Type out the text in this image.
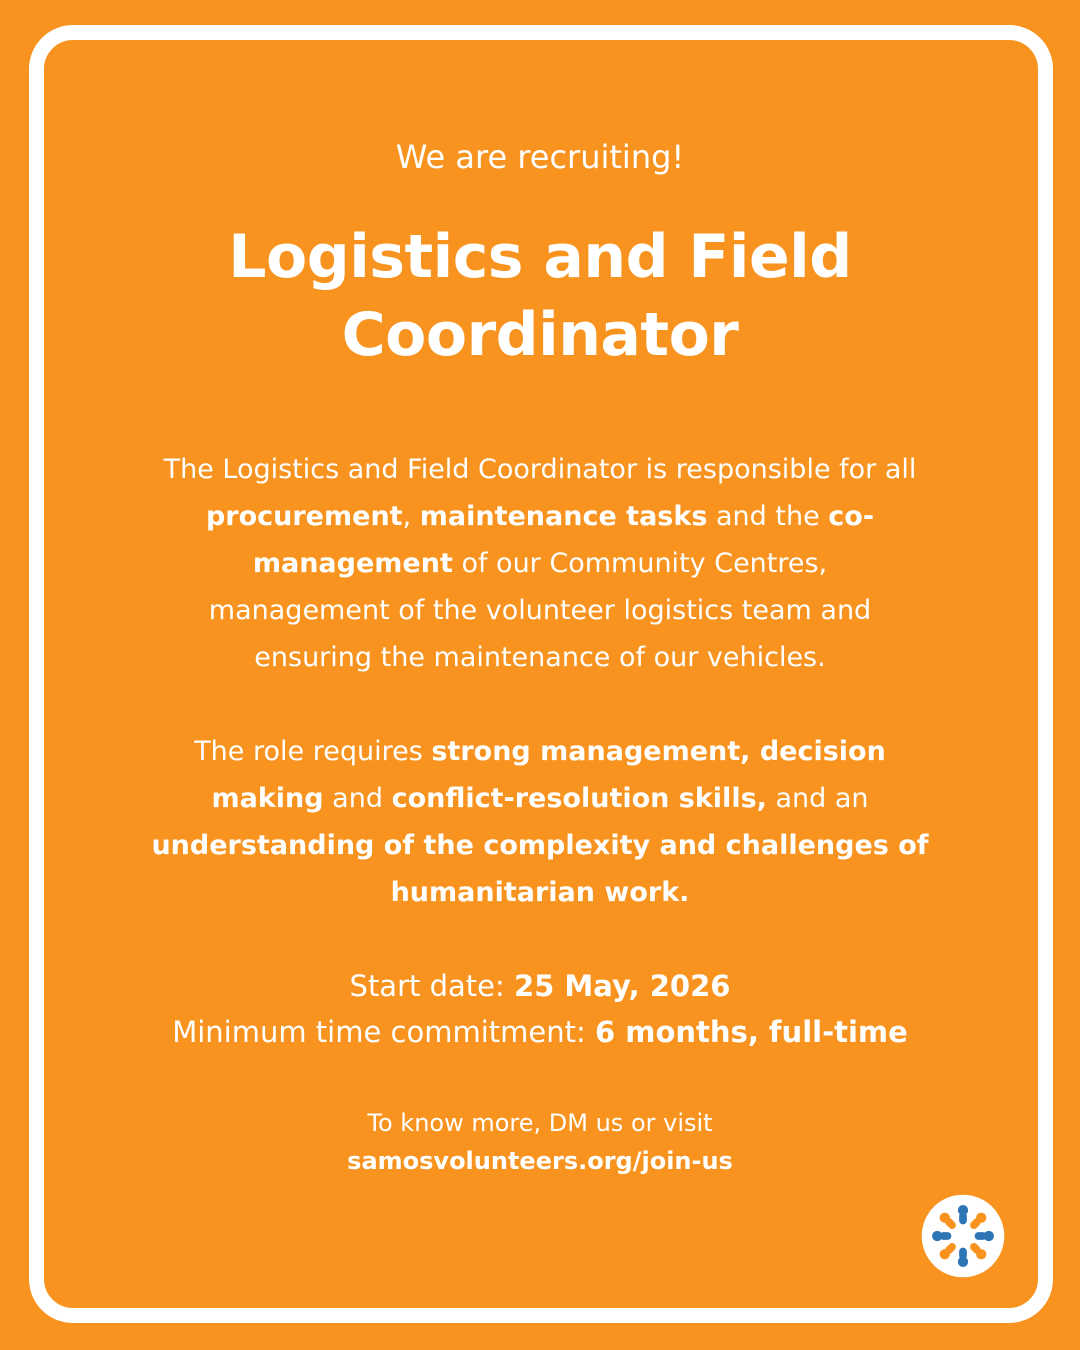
We are recruiting!

Logistics and Field
Coordinator

The Logistics and Field Coordinator is responsible for all
procurement, maintenance tasks and the co-
management of our Community Centres,
management of the volunteer logistics team and
ensuring the maintenance of our vehicles.

The role requires strong management, decision
making and conflict-resolution skills, and an
understanding of the complexity and challenges of
humanitarian work.

Start date: 25 May, 2026
Minimum time commitment: 6 months, full-time

To know more, DM us or visit
samosvolunteers.org/join-us
